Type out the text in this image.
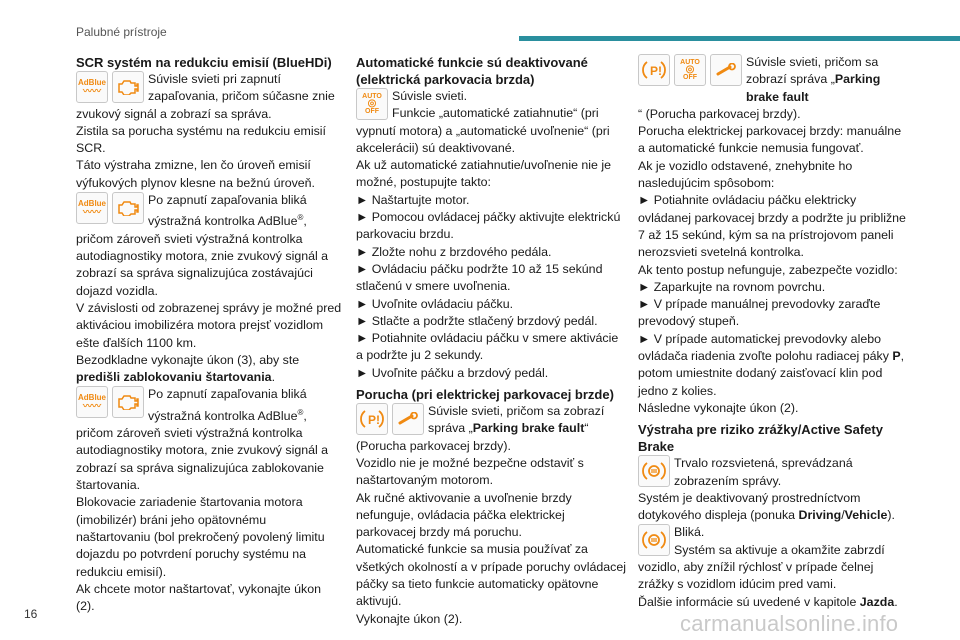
Palubné prístroje
SCR systém na redukciu emisií (BlueHDi)
AdBlue
〰〰
Súvisle svieti pri zapnutí zapaľovania, pričom súčasne znie

zvukový signál a zobrazí sa správa.

Zistila sa porucha systému na redukciu emisií SCR.

Táto výstraha zmizne, len čo úroveň emisií výfukových plynov klesne na bežnú úroveň.

AdBlue
〰〰
Po zapnutí zapaľovania bliká výstražná kontrolka AdBlue®,

pričom zároveň svieti výstražná kontrolka autodiagnostiky motora, znie zvukový signál a zobrazí sa správa signalizujúca zostávajúci dojazd vozidla.

V závislosti od zobrazenej správy je možné pred aktiváciou imobilizéra motora prejsť vozidlom ešte ďalších 1100 km.

Bezodkladne vykonajte úkon (3), aby ste
predišli zablokovaniu štartovania.

AdBlue
〰〰
Po zapnutí zapaľovania bliká výstražná kontrolka AdBlue®,

pričom zároveň svieti výstražná kontrolka autodiagnostiky motora, znie zvukový signál a zobrazí sa správa signalizujúca zablokovanie štartovania.

Blokovacie zariadenie štartovania motora (imobilizér) bráni jeho opätovnému naštartovaniu (bol prekročený povolený limitu dojazdu po potvrdení poruchy systému na redukciu emisií).

Ak chcete motor naštartovať, vykonajte úkon (2).

Automatické funkcie sú deaktivované (elektrická parkovacia brzda)
AUTO
◎
OFF
Súvisle svieti.
Funkcie „automatické zatiahnutie“ (pri

vypnutí motora) a „automatické uvoľnenie“ (pri akcelerácii) sú deaktivované.

Ak už automatické zatiahnutie/uvoľnenie nie je možné, postupujte takto:

► Naštartujte motor.

► Pomocou ovládacej páčky aktivujte elektrickú parkovaciu brzdu.

► Zložte nohu z brzdového pedála.

► Ovládaciu páčku podržte 10 až 15 sekúnd stlačenú v smere uvoľnenia.

► Uvoľnite ovládaciu páčku.

► Stlačte a podržte stlačený brzdový pedál.

► Potiahnite ovládaciu páčku v smere aktivácie a podržte ju 2 sekundy.

► Uvoľnite páčku a brzdový pedál.

Porucha (pri elektrickej parkovacej brzde)
P!
Súvisle svieti, pričom sa zobrazí správa „Parking brake fault“

(Porucha parkovacej brzdy).

Vozidlo nie je možné bezpečne odstaviť s naštartovaným motorom.

Ak ručné aktivovanie a uvoľnenie brzdy nefunguje, ovládacia páčka elektrickej parkovacej brzdy má poruchu.

Automatické funkcie sa musia používať za všetkých okolností a v prípade poruchy ovládacej páčky sa tieto funkcie automaticky opätovne aktivujú.

Vykonajte úkon (2).

P!
AUTO
◎
OFF
Súvisle svieti, pričom sa zobrazí správa „Parking brake fault

“ (Porucha parkovacej brzdy).

Porucha elektrickej parkovacej brzdy: manuálne a automatické funkcie nemusia fungovať.

Ak je vozidlo odstavené, znehybnite ho nasledujúcim spôsobom:

► Potiahnite ovládaciu páčku elektricky ovládanej parkovacej brzdy a podržte ju približne 7 až 15 sekúnd, kým sa na prístrojovom paneli nerozsvieti svetelná kontrolka.

Ak tento postup nefunguje, zabezpečte vozidlo:

► Zaparkujte na rovnom povrchu.

► V prípade manuálnej prevodovky zaraďte prevodový stupeň.

► V prípade automatickej prevodovky alebo ovládača riadenia zvoľte polohu radiacej páky P, potom umiestnite dodaný zaisťovací klin pod jedno z kolies.

Následne vykonajte úkon (2).

Výstraha pre riziko zrážky/Active Safety Brake
Trvalo rozsvietená, sprevádzaná zobrazením správy.

Systém je deaktivovaný prostredníctvom dotykového displeja (ponuka Driving/Vehicle).

Bliká.
Systém sa aktivuje a okamžite zabrzdí

vozidlo, aby znížil rýchlosť v prípade čelnej zrážky s vozidlom idúcim pred vami.

Ďalšie informácie sú uvedené v kapitole Jazda.

16	carmanualsonline.info
